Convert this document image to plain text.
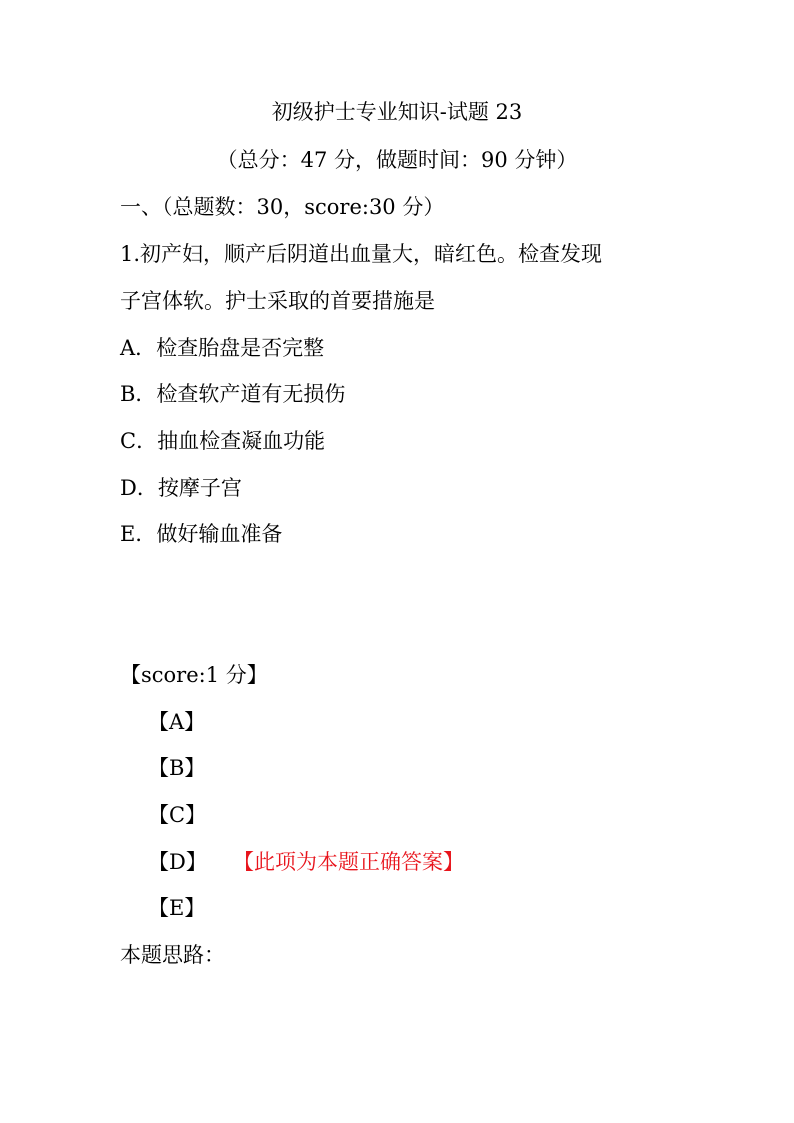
初级护士专业知识-试题 23
（总分：47 分，做题时间：90 分钟）
一、（总题数：30，score:30 分）
1.初产妇，顺产后阴道出血量大，暗红色。检查发现
子宫体软。护士采取的首要措施是
A．检查胎盘是否完整
B．检查软产道有无损伤
C．抽血检查凝血功能
D．按摩子宫
E．做好输血准备
【score:1 分】
【A】
【B】
【C】
【D】 【此项为本题正确答案】
【E】
本题思路：
